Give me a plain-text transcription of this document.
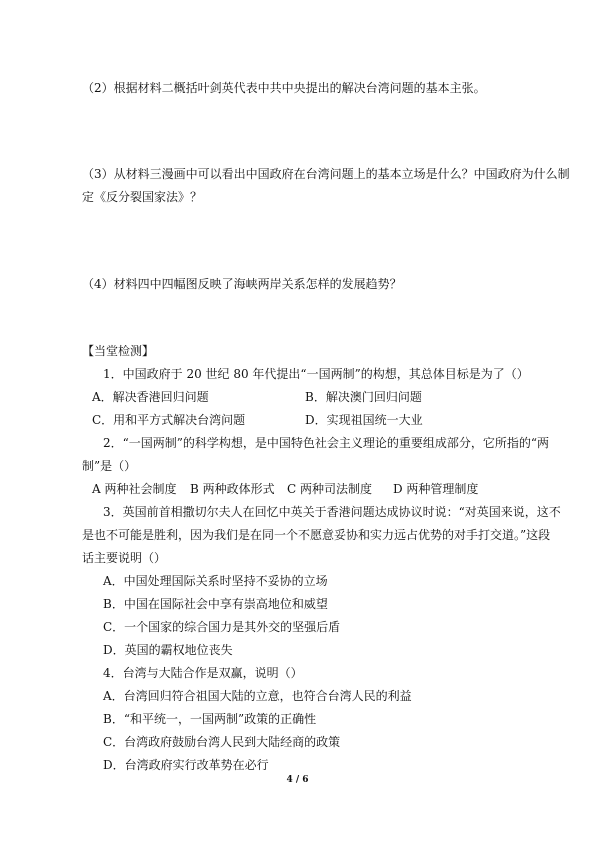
（2）根据材料二概括叶剑英代表中共中央提出的解决台湾问题的基本主张。
（3）从材料三漫画中可以看出中国政府在台湾问题上的基本立场是什么？中国政府为什么制
定《反分裂国家法》？
（4）材料四中四幅图反映了海峡两岸关系怎样的发展趋势？
【当堂检测】
1．中国政府于 20 世纪 80 年代提出“一国两制”的构想，其总体目标是为了（）
A．解决香港回归问题	B．解决澳门回归问题
C．用和平方式解决台湾问题	D．实现祖国统一大业
2．“一国两制”的科学构想，是中国特色社会主义理论的重要组成部分，它所指的“两
制”是（）
A 两种社会制度 B 两种政体形式 C 两种司法制度 D 两种管理制度
3．英国前首相撒切尔夫人在回忆中英关于香港问题达成协议时说：“对英国来说，这不
是也不可能是胜利，因为我们是在同一个不愿意妥协和实力远占优势的对手打交道。”这段
话主要说明（）
A．中国处理国际关系时坚持不妥协的立场
B．中国在国际社会中享有崇高地位和威望
C．一个国家的综合国力是其外交的坚强后盾
D．英国的霸权地位丧失
4．台湾与大陆合作是双赢，说明（）
A．台湾回归符合祖国大陆的立意，也符合台湾人民的利益
B．“和平统一，一国两制”政策的正确性
C．台湾政府鼓励台湾人民到大陆经商的政策
D．台湾政府实行改革势在必行
4 / 6
